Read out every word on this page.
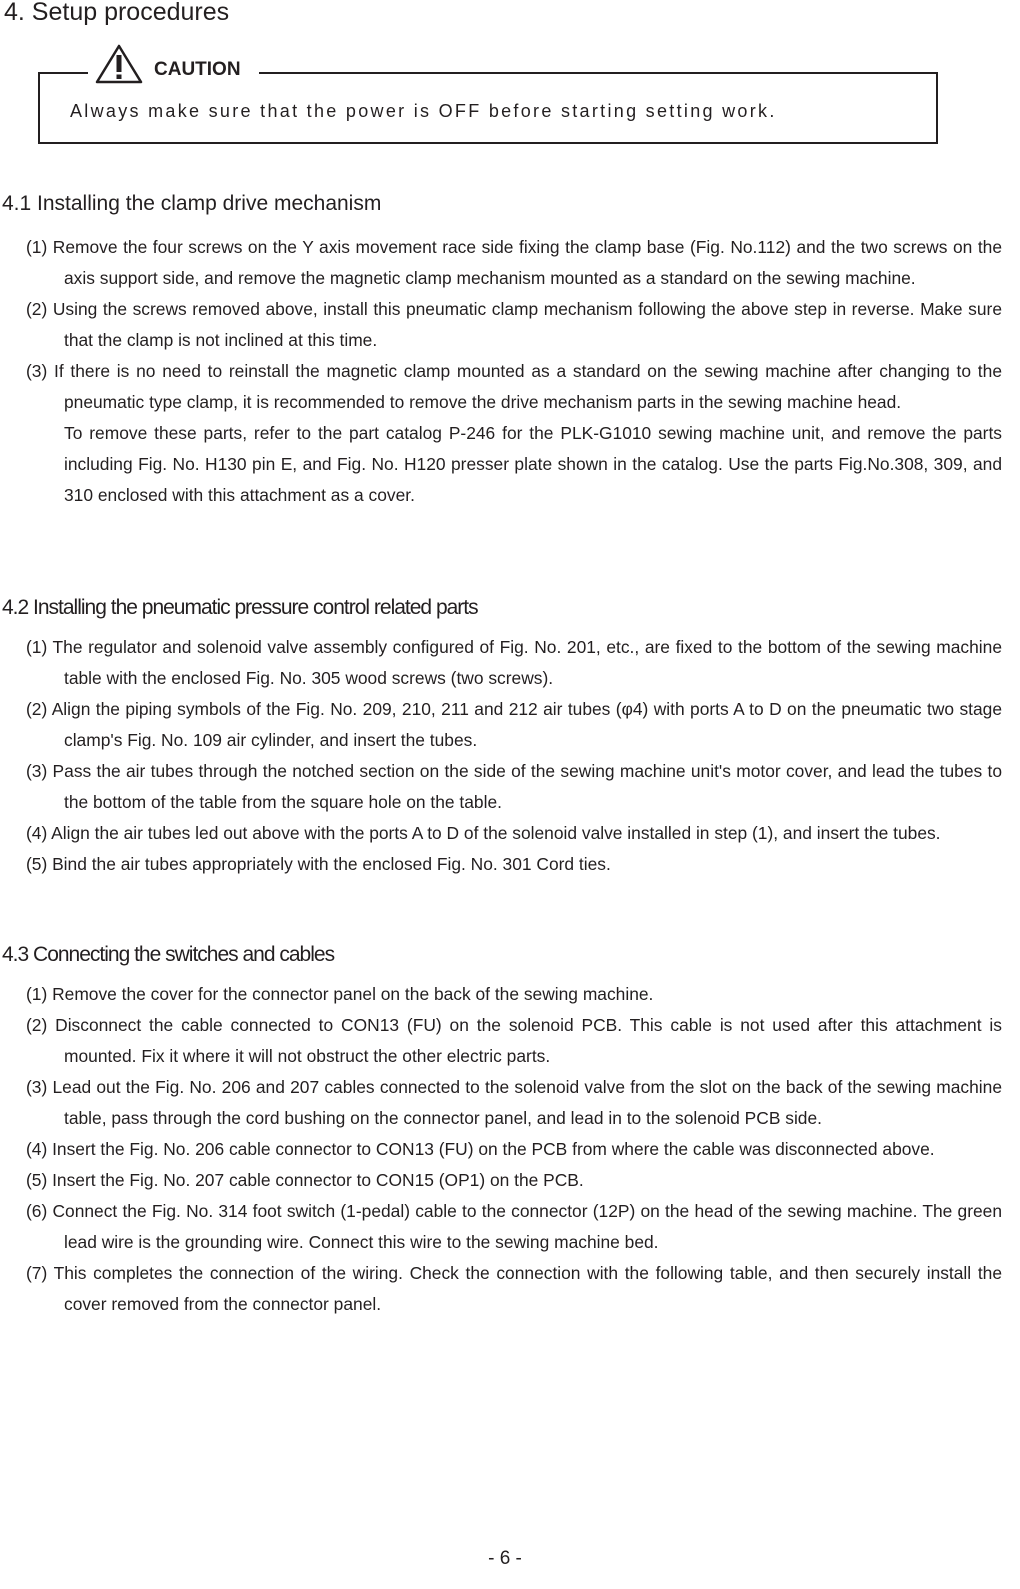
4. Setup procedures
CAUTION
Always make sure that the power is OFF before starting setting work.
4.1 Installing the clamp drive mechanism
(1) Remove the four screws on the Y axis movement race side fixing the clamp base (Fig. No.112) and the two screws on the axis support side, and remove the magnetic clamp mechanism mounted as a standard on the sewing machine.
(2) Using the screws removed above, install this pneumatic clamp mechanism following the above step in reverse. Make sure that the clamp is not inclined at this time.
(3) If there is no need to reinstall the magnetic clamp mounted as a standard on the sewing machine after changing to the pneumatic type clamp, it is recommended to remove the drive mechanism parts in the sewing machine head.
To remove these parts, refer to the part catalog P-246 for the PLK-G1010 sewing machine unit, and remove the parts including Fig. No. H130 pin E, and Fig. No. H120 presser plate shown in the catalog. Use the parts Fig.No.308, 309, and 310 enclosed with this attachment as a cover.
4.2 Installing the pneumatic pressure control related parts
(1) The regulator and solenoid valve assembly configured of Fig. No. 201, etc., are fixed to the bottom of the sewing machine table with the enclosed Fig. No. 305 wood screws (two screws).
(2) Align the piping symbols of the Fig. No. 209, 210, 211 and 212 air tubes (φ4) with ports A to D on the pneumatic two stage clamp's Fig. No. 109 air cylinder, and insert the tubes.
(3) Pass the air tubes through the notched section on the side of the sewing machine unit's motor cover, and lead the tubes to the bottom of the table from the square hole on the table.
(4) Align the air tubes led out above with the ports A to D of the solenoid valve installed in step (1), and insert the tubes.
(5) Bind the air tubes appropriately with the enclosed Fig. No. 301 Cord ties.
4.3 Connecting the switches and cables
(1) Remove the cover for the connector panel on the back of the sewing machine.
(2) Disconnect the cable connected to CON13 (FU) on the solenoid PCB. This cable is not used after this attachment is mounted. Fix it where it will not obstruct the other electric parts.
(3) Lead out the Fig. No. 206 and 207 cables connected to the solenoid valve from the slot on the back of the sewing machine table, pass through the cord bushing on the connector panel, and lead in to the solenoid PCB side.
(4) Insert the Fig. No. 206 cable connector to CON13 (FU) on the PCB from where the cable was disconnected above.
(5) Insert the Fig. No. 207 cable connector to CON15 (OP1) on the PCB.
(6) Connect the Fig. No. 314 foot switch (1-pedal) cable to the connector (12P) on the head of the sewing machine. The green lead wire is the grounding wire. Connect this wire to the sewing machine bed.
(7) This completes the connection of the wiring. Check the connection with the following table, and then securely install the cover removed from the connector panel.
- 6 -
